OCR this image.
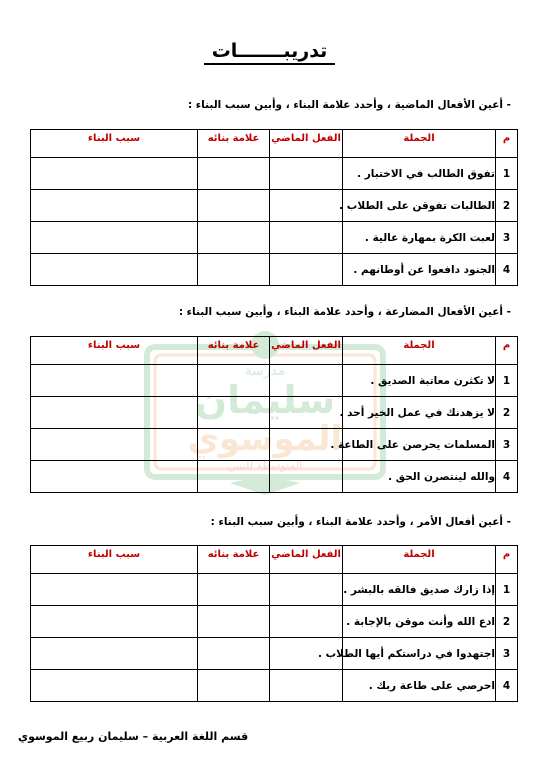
تدريبـــــــات
مدرسة
سليمان
الموسوي
المتوسطة للبنين
- أعين الأفعال الماضية ، وأحدد علامة البناء ، وأبين سبب البناء :
م	الجملة	الفعل الماضي	علامة بنائه	سبب البناء
1	تفوق الطالب في الاختبار .			
2	الطالبات تفوقن على الطلاب .			
3	لعبت الكرة بمهارة عالية .			
4	الجنود دافعوا عن أوطانهم .			
- أعين الأفعال المضارعة ، وأحدد علامة البناء ، وأبين سبب البناء :
م	الجملة	الفعل الماضي	علامة بنائه	سبب البناء
1	لا تكثرن معاتبة الصديق .			
2	لا يزهدنك في عمل الخير أحد .			
3	المسلمات يحرصن على الطاعة .			
4	والله لينتصرن الحق .			
- أعين أفعال الأمر ، وأحدد علامة البناء ، وأبين سبب البناء :
م	الجملة	الفعل الماضي	علامة بنائه	سبب البناء
1	إذا زارك صديق فالقه بالبشر .			
2	ادع الله وأنت موقن بالإجابة .			
3	اجتهدوا في دراستكم أيها الطلاب .			
4	احرصي على طاعة ربك .			
قسم اللغة العربية – سليمان ربيع الموسوي
